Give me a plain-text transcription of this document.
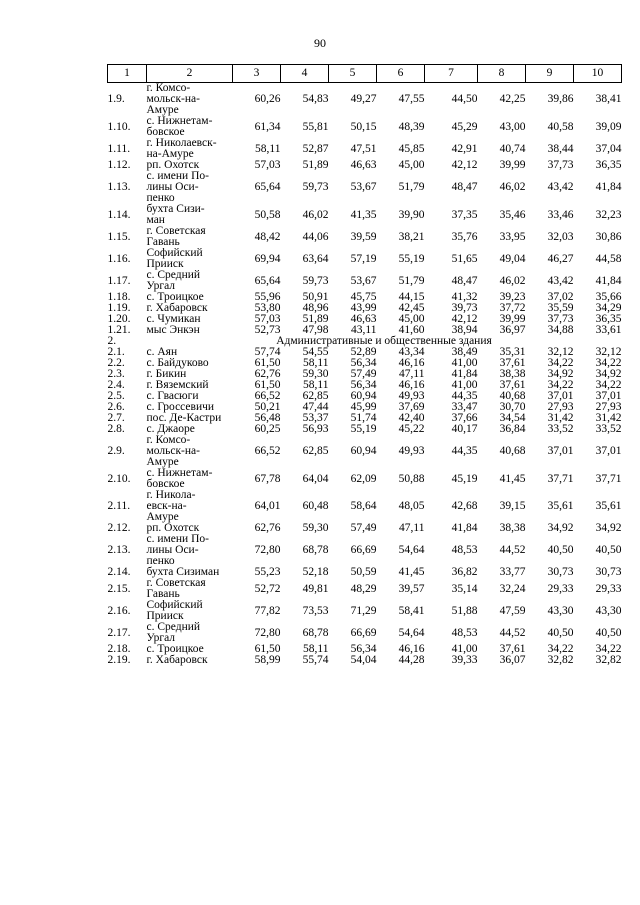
90
1	2	3	4	5	6	7	8	9	10
1.9.	г. Комсо-
мольск-на-
Амуре	60,26	54,83	49,27	47,55	44,50	42,25	39,86	38,41
1.10.	с. Нижнетам-
бовское	61,34	55,81	50,15	48,39	45,29	43,00	40,58	39,09
1.11.	г. Николаевск-
на-Амуре	58,11	52,87	47,51	45,85	42,91	40,74	38,44	37,04
1.12.	рп. Охотск	57,03	51,89	46,63	45,00	42,12	39,99	37,73	36,35
1.13.	с. имени По-
лины Оси-
пенко	65,64	59,73	53,67	51,79	48,47	46,02	43,42	41,84
1.14.	бухта Сизи-
ман	50,58	46,02	41,35	39,90	37,35	35,46	33,46	32,23
1.15.	г. Советская
Гавань	48,42	44,06	39,59	38,21	35,76	33,95	32,03	30,86
1.16.	Софийский
Прииск	69,94	63,64	57,19	55,19	51,65	49,04	46,27	44,58
1.17.	с. Средний
Ургал	65,64	59,73	53,67	51,79	48,47	46,02	43,42	41,84
1.18.	с. Троицкое	55,96	50,91	45,75	44,15	41,32	39,23	37,02	35,66
1.19.	г. Хабаровск	53,80	48,96	43,99	42,45	39,73	37,72	35,59	34,29
1.20.	с. Чумикан	57,03	51,89	46,63	45,00	42,12	39,99	37,73	36,35
1.21.	мыс Энкэн	52,73	47,98	43,11	41,60	38,94	36,97	34,88	33,61
2.	Административные и общественные здания								
2.1.	с. Аян	57,74	54,55	52,89	43,34	38,49	35,31	32,12	32,12
2.2.	с. Байдуково	61,50	58,11	56,34	46,16	41,00	37,61	34,22	34,22
2.3.	г. Бикин	62,76	59,30	57,49	47,11	41,84	38,38	34,92	34,92
2.4.	г. Вяземский	61,50	58,11	56,34	46,16	41,00	37,61	34,22	34,22
2.5.	с. Гвасюги	66,52	62,85	60,94	49,93	44,35	40,68	37,01	37,01
2.6.	с. Гроссевичи	50,21	47,44	45,99	37,69	33,47	30,70	27,93	27,93
2.7.	пос. Де-Кастри	56,48	53,37	51,74	42,40	37,66	34,54	31,42	31,42
2.8.	с. Джаоре	60,25	56,93	55,19	45,22	40,17	36,84	33,52	33,52
2.9.	г. Комсо-
мольск-на-
Амуре	66,52	62,85	60,94	49,93	44,35	40,68	37,01	37,01
2.10.	с. Нижнетам-
бовское	67,78	64,04	62,09	50,88	45,19	41,45	37,71	37,71
2.11.	г. Никола-
евск-на-
Амуре	64,01	60,48	58,64	48,05	42,68	39,15	35,61	35,61
2.12.	рп. Охотск	62,76	59,30	57,49	47,11	41,84	38,38	34,92	34,92
2.13.	с. имени По-
лины Оси-
пенко	72,80	68,78	66,69	54,64	48,53	44,52	40,50	40,50
2.14.	бухта Сизиман	55,23	52,18	50,59	41,45	36,82	33,77	30,73	30,73
2.15.	г. Советская
Гавань	52,72	49,81	48,29	39,57	35,14	32,24	29,33	29,33
2.16.	Софийский
Прииск	77,82	73,53	71,29	58,41	51,88	47,59	43,30	43,30
2.17.	с. Средний
Ургал	72,80	68,78	66,69	54,64	48,53	44,52	40,50	40,50
2.18.	с. Троицкое	61,50	58,11	56,34	46,16	41,00	37,61	34,22	34,22
2.19.	г. Хабаровск	58,99	55,74	54,04	44,28	39,33	36,07	32,82	32,82
